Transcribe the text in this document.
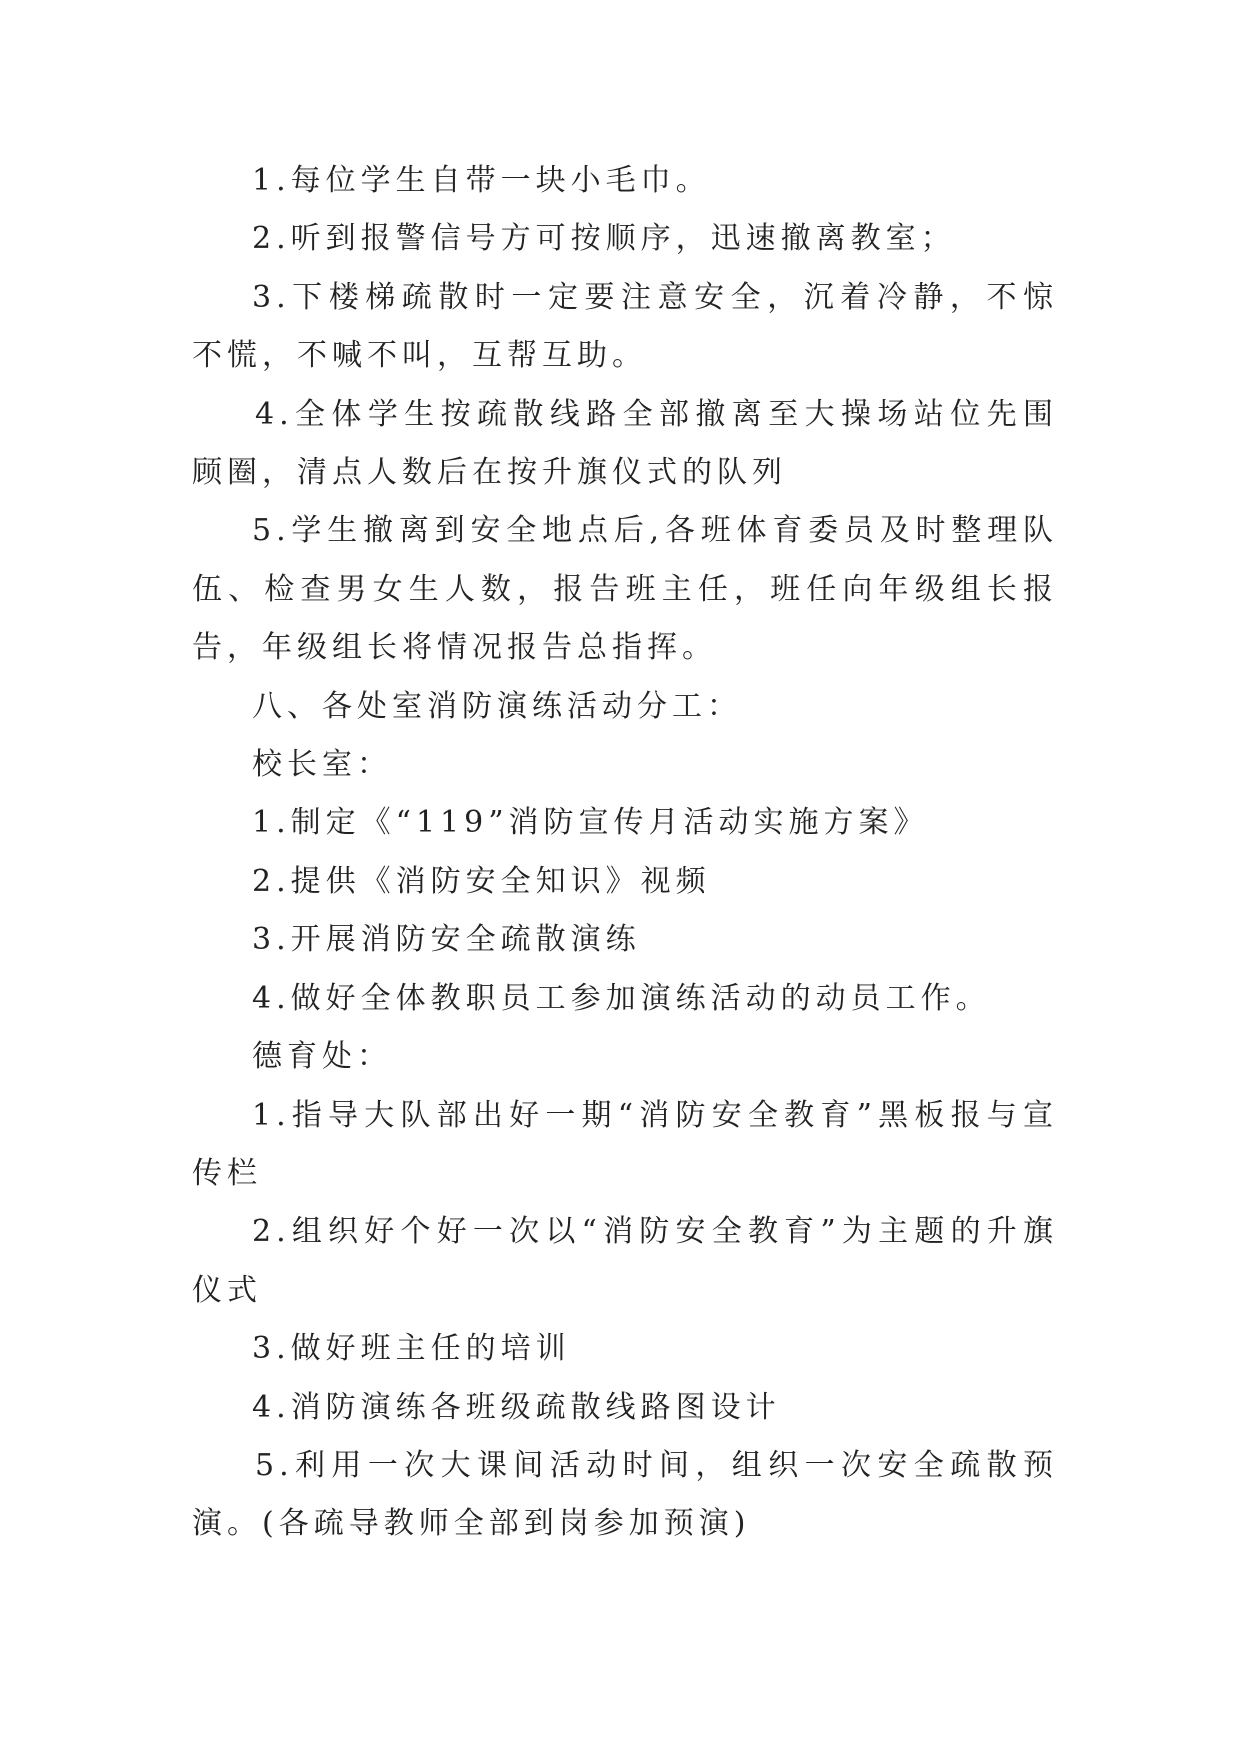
1.每位学生自带一块小毛巾。

2.听到报警信号方可按顺序，迅速撤离教室；

3.下楼梯疏散时一定要注意安全，沉着冷静，不惊不慌，不喊不叫，互帮互助。

4.全体学生按疏散线路全部撤离至大操场站位先围顾圈，清点人数后在按升旗仪式的队列

5.学生撤离到安全地点后,各班体育委员及时整理队伍、检查男女生人数，报告班主任，班任向年级组长报告，年级组长将情况报告总指挥。

八、各处室消防演练活动分工：

校长室：

1.制定《“119”消防宣传月活动实施方案》

2.提供《消防安全知识》视频

3.开展消防安全疏散演练

4.做好全体教职员工参加演练活动的动员工作。

德育处：

1.指导大队部出好一期“消防安全教育”黑板报与宣传栏

2.组织好个好一次以“消防安全教育”为主题的升旗仪式

3.做好班主任的培训

4.消防演练各班级疏散线路图设计

5.利用一次大课间活动时间，组织一次安全疏散预演。(各疏导教师全部到岗参加预演)
